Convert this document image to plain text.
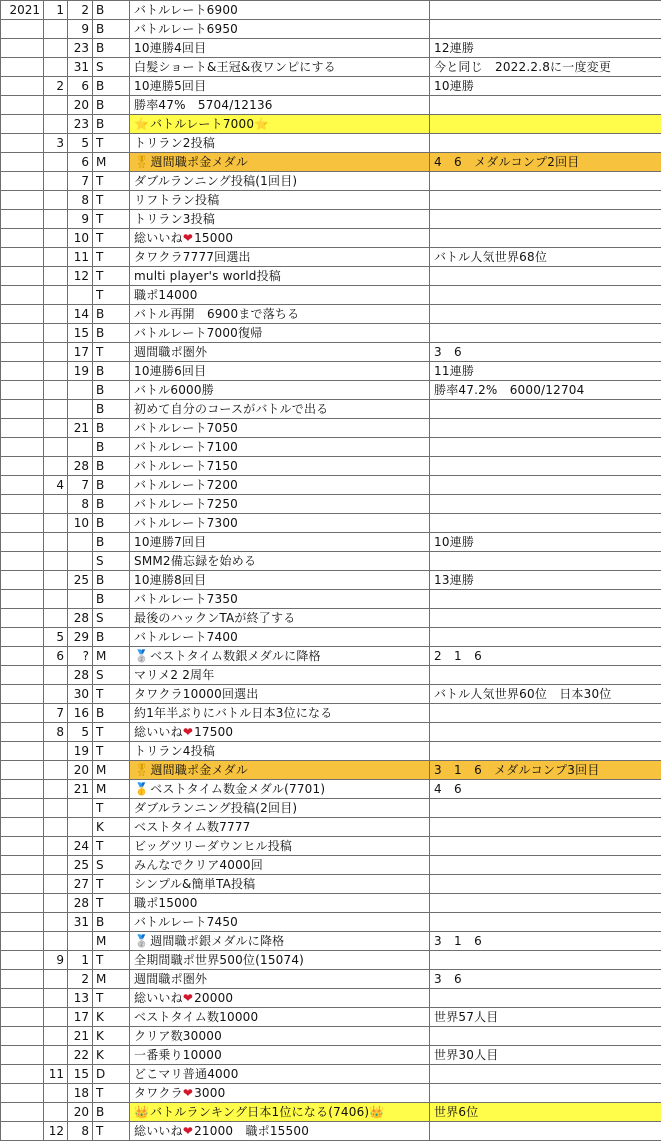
2021	1	2	B	バトルレート6900	
		9	B	バトルレート6950	
		23	B	10連勝4回目	12連勝
		31	S	白髪ショート&王冠&夜ワンピにする	今と同じ　2022.2.8に一度変更
	2	6	B	10連勝5回目	10連勝
		20	B	勝率47%　5704/12136	
		23	B	⭐バトルレート7000⭐	
	3	5	T	トリラン2投稿	
		6	M	🎖週間職ポ金メダル	4　6　メダルコンプ2回目
		7	T	ダブルランニング投稿(1回目)	
		8	T	リフトラン投稿	
		9	T	トリラン3投稿	
		10	T	総いいね❤15000	
		11	T	タワクラ7777回選出	バトル人気世界68位
		12	T	multi player's world投稿	
			T	職ポ14000	
		14	B	バトル再開　6900まで落ちる	
		15	B	バトルレート7000復帰	
		17	T	週間職ポ圏外	3　6
		19	B	10連勝6回目	11連勝
			B	バトル6000勝	勝率47.2%　6000/12704
			B	初めて自分のコースがバトルで出る	
		21	B	バトルレート7050	
			B	バトルレート7100	
		28	B	バトルレート7150	
	4	7	B	バトルレート7200	
		8	B	バトルレート7250	
		10	B	バトルレート7300	
			B	10連勝7回目	10連勝
			S	SMM2備忘録を始める	
		25	B	10連勝8回目	13連勝
			B	バトルレート7350	
		28	S	最後のハックンTAが終了する	
	5	29	B	バトルレート7400	
	6	?	M	🥈ベストタイム数銀メダルに降格	2　1　6
		28	S	マリメ2 2周年	
		30	T	タワクラ10000回選出	バトル人気世界60位　日本30位
	7	16	B	約1年半ぶりにバトル日本3位になる	
	8	5	T	総いいね❤17500	
		19	T	トリラン4投稿	
		20	M	🎖週間職ポ金メダル	3　1　6　メダルコンプ3回目
		21	M	🥇ベストタイム数金メダル(7701)	4　6
			T	ダブルランニング投稿(2回目)	
			K	ベストタイム数7777	
		24	T	ビッグツリーダウンヒル投稿	
		25	S	みんなでクリア4000回	
		27	T	シンプル&簡単TA投稿	
		28	T	職ポ15000	
		31	B	バトルレート7450	
			M	🥈週間職ポ銀メダルに降格	3　1　6
	9	1	T	全期間職ポ世界500位(15074)	
		2	M	週間職ポ圏外	3　6
		13	T	総いいね❤20000	
		17	K	ベストタイム数10000	世界57人目
		21	K	クリア数30000	
		22	K	一番乗り10000	世界30人目
	11	15	D	どこマリ普通4000	
		18	T	タワクラ❤3000	
		20	B	👑バトルランキング日本1位になる(7406)👑	世界6位
	12	8	T	総いいね❤21000　職ポ15500	
